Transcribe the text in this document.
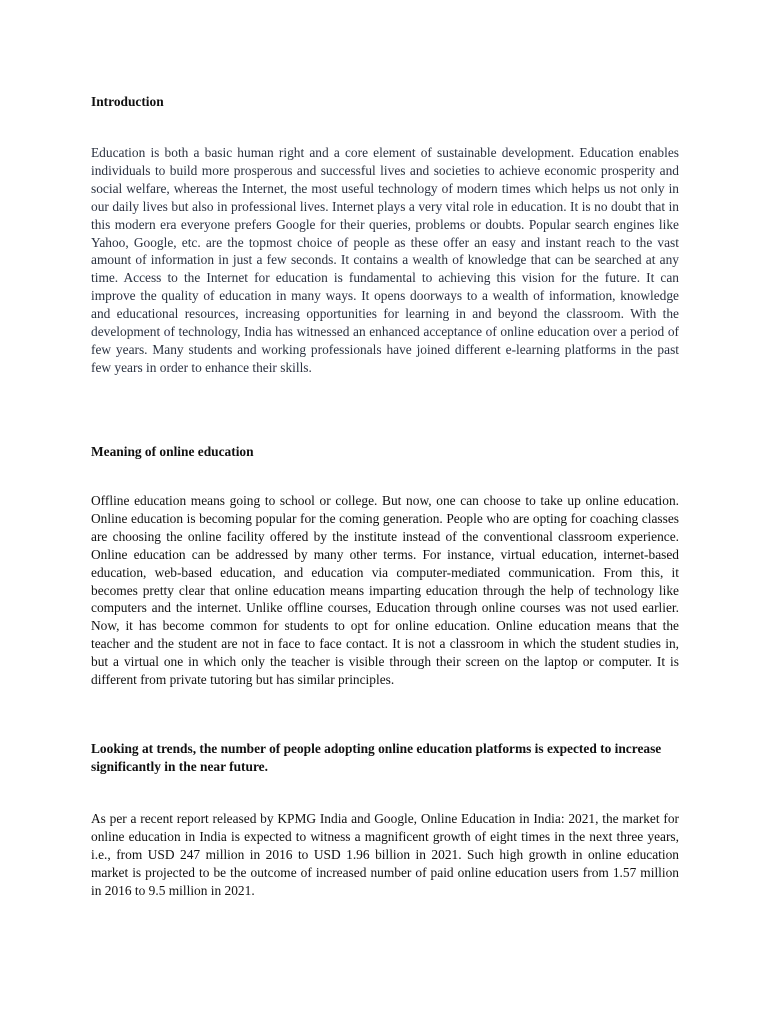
Introduction

Education is both a basic human right and a core element of sustainable development. Education enables individuals to build more prosperous and successful lives and societies to achieve economic prosperity and social welfare, whereas the Internet, the most useful technology of modern times which helps us not only in our daily lives but also in professional lives. Internet plays a very vital role in education. It is no doubt that in this modern era everyone prefers Google for their queries, problems or doubts. Popular search engines like Yahoo, Google, etc. are the topmost choice of people as these offer an easy and instant reach to the vast amount of information in just a few seconds. It contains a wealth of knowledge that can be searched at any time. Access to the Internet for education is fundamental to achieving this vision for the future. It can improve the quality of education in many ways. It opens doorways to a wealth of information, knowledge and educational resources, increasing opportunities for learning in and beyond the classroom. With the development of technology, India has witnessed an enhanced acceptance of online education over a period of few years. Many students and working professionals have joined different e-learning platforms in the past few years in order to enhance their skills.

Meaning of online education

Offline education means going to school or college. But now, one can choose to take up online education. Online education is becoming popular for the coming generation. People who are opting for coaching classes are choosing the online facility offered by the institute instead of the conventional classroom experience. Online education can be addressed by many other terms. For instance, virtual education, internet-based education, web-based education, and education via computer-mediated communication. From this, it becomes pretty clear that online education means imparting education through the help of technology like computers and the internet. Unlike offline courses, Education through online courses was not used earlier. Now, it has become common for students to opt for online education. Online education means that the teacher and the student are not in face to face contact. It is not a classroom in which the student studies in, but a virtual one in which only the teacher is visible through their screen on the laptop or computer. It is different from private tutoring but has similar principles.

Looking at trends, the number of people adopting online education platforms is expected to increase significantly in the near future.

As per a recent report released by KPMG India and Google, Online Education in India: 2021, the market for online education in India is expected to witness a magnificent growth of eight times in the next three years, i.e., from USD 247 million in 2016 to USD 1.96 billion in 2021. Such high growth in online education market is projected to be the outcome of increased number of paid online education users from 1.57 million in 2016 to 9.5 million in 2021.
